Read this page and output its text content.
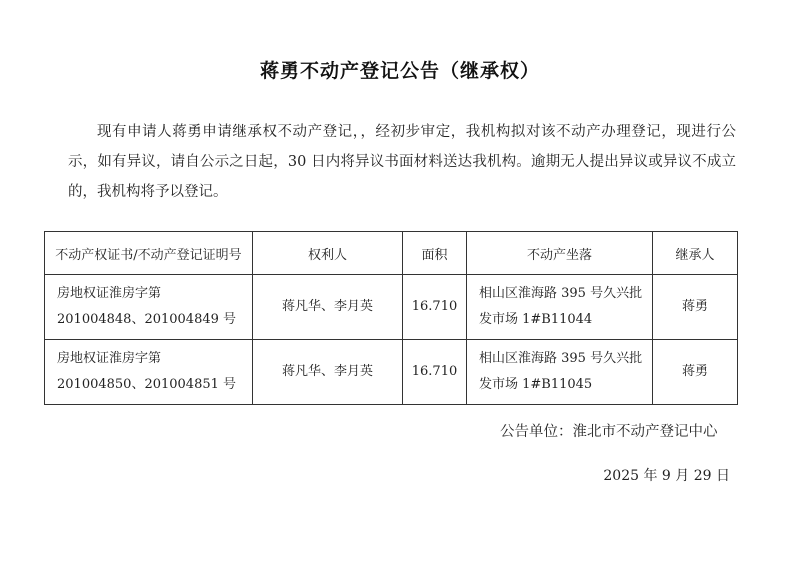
蒋勇不动产登记公告（继承权）
现有申请人蒋勇申请继承权不动产登记，，经初步审定，我机构拟对该不动产办理登记，现进行公示，如有异议，请自公示之日起，30 日内将异议书面材料送达我机构。逾期无人提出异议或异议不成立的，我机构将予以登记。
不动产权证书/不动产登记证明号	权利人	面积	不动产坐落	继承人
房地权证淮房字第 201004848、201004849 号	蒋凡华、李月英	16.710	相山区淮海路 395 号久兴批发市场 1#B11044	蒋勇
房地权证淮房字第 201004850、201004851 号	蒋凡华、李月英	16.710	相山区淮海路 395 号久兴批发市场 1#B11045	蒋勇
公告单位：淮北市不动产登记中心
2025 年 9 月 29 日
